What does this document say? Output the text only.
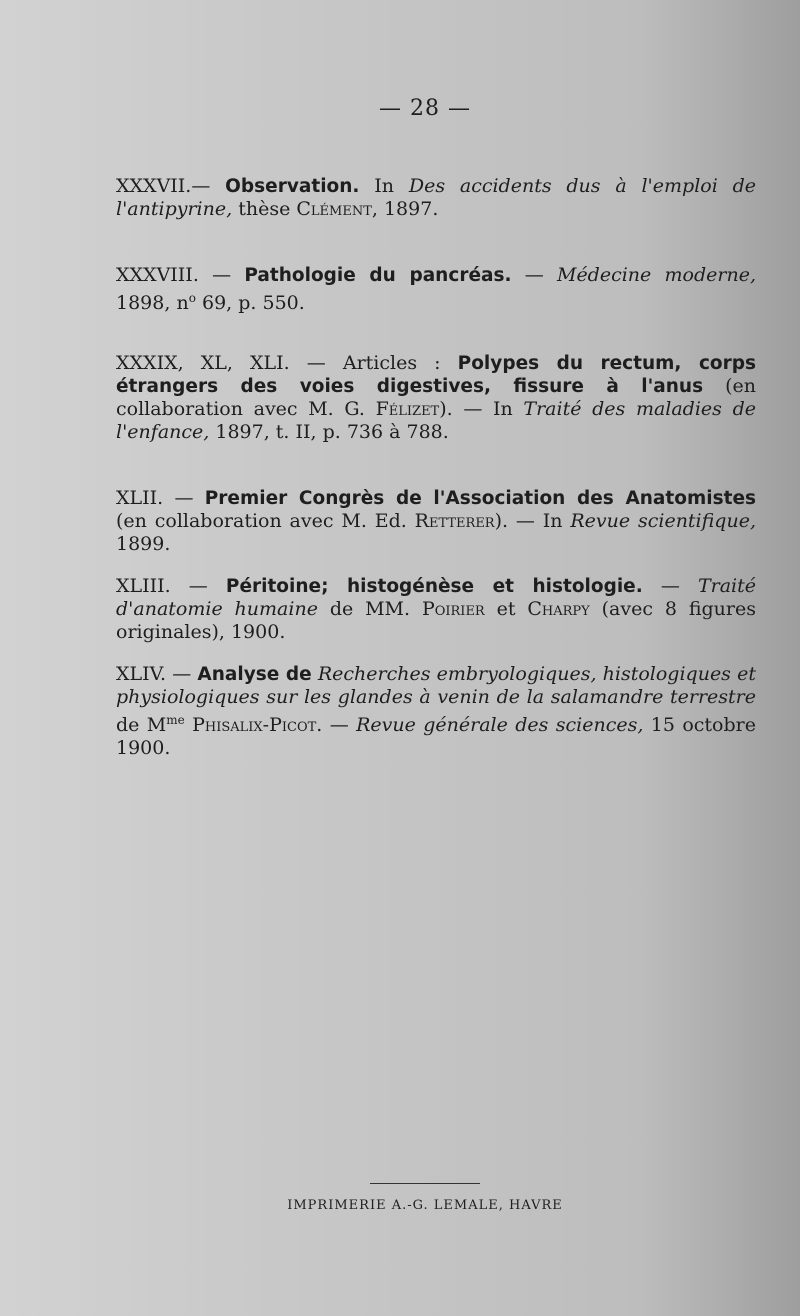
— 28 —
XXXVII.— Observation. In Des accidents dus à l'emploi de l'antipyrine, thèse Clément, 1897.
XXXVIII. — Pathologie du pancréas. — Médecine moderne, 1898, $n^o$ 69, p. 550.
XXXIX, XL, XLI. — Articles : Polypes du rectum, corps étrangers des voies digestives, fissure à l'anus (en collaboration avec M. G. Félizet). — In Traité des maladies de l'enfance, 1897, t. II, p. 736 à 788.
XLII. — Premier Congrès de l'Association des Anatomistes (en collaboration avec M. Ed. Retterer). — In Revue scientifique, 1899.
XLIII. — Péritoine; histogénèse et histologie. — Traité d'anatomie humaine de MM. Poirier et Charpy (avec 8 figures originales), 1900.
XLIV. — Analyse de Recherches embryologiques, histologiques et physiologiques sur les glandes à venin de la salamandre terrestre de $M^{me}$ Phisalix-Picot. — Revue générale des sciences, 15 octobre 1900.
IMPRIMERIE A.-G. LEMALE, HAVRE
